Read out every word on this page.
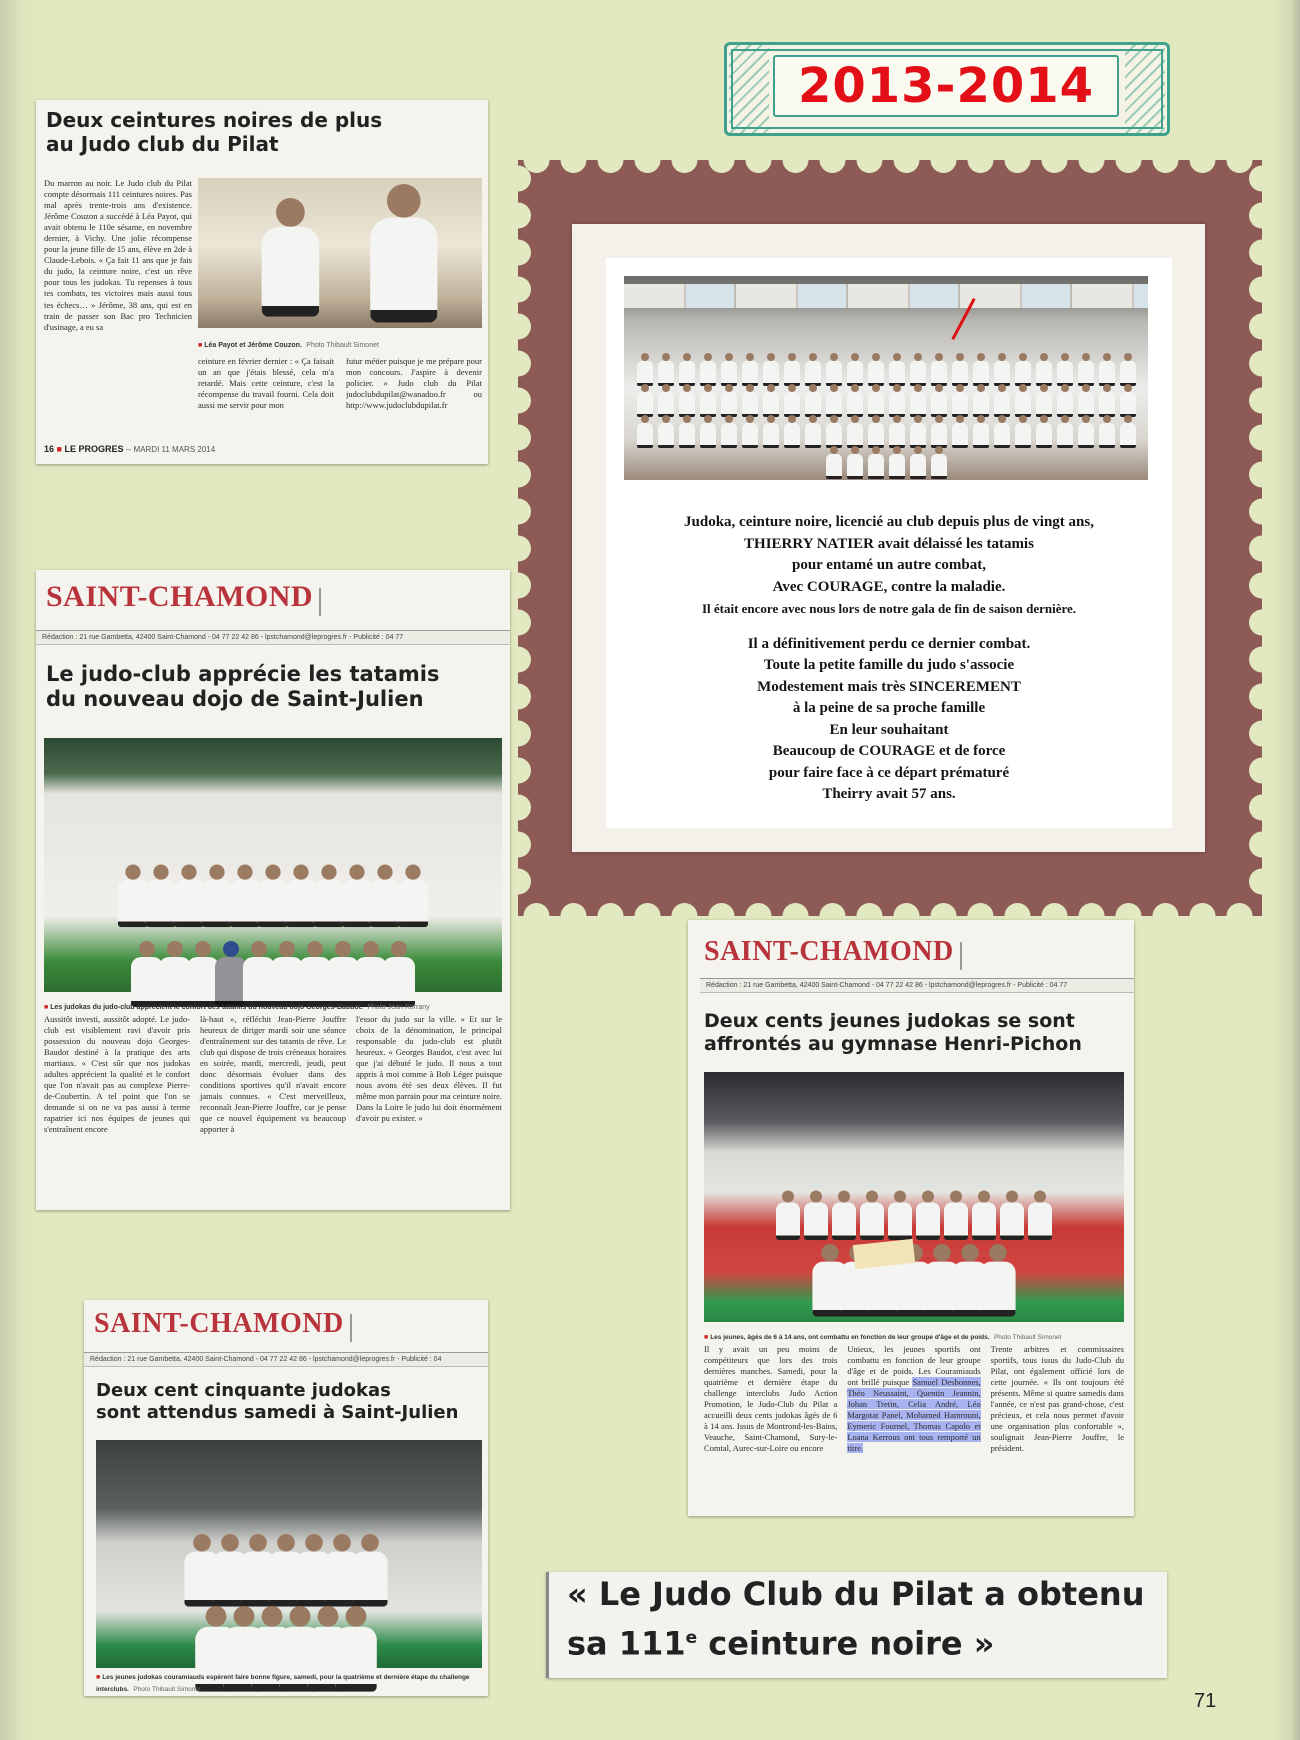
2013-2014
Deux ceintures noires de plus
au Judo club du Pilat
Du marron au noir. Le Judo club du Pilat compte désormais 111 ceintures noires. Pas mal après trente-trois ans d'existence. Jérôme Couzon a succédé à Léa Payot, qui avait obtenu le 110e sésame, en novembre dernier, à Vichy. Une jolie récompense pour la jeune fille de 15 ans, élève en 2de à Claude-Lebois. « Ça fait 11 ans que je fais du judo, la ceinture noire, c'est un rêve pour tous les judokas. Tu repenses à tous tes combats, tes victoires mais aussi tous tes échecs… » Jérôme, 38 ans, qui est en train de passer son Bac pro Technicien d'usinage, a eu sa
■ Léa Payot et Jérôme Couzon. Photo Thibault Simonet
ceinture en février dernier : « Ça faisait un an que j'étais blessé, cela m'a retardé. Mais cette ceinture, c'est la récompense du travail fourni. Cela doit aussi me servir pour mon
futur métier puisque je me prépare pour mon concours. J'aspire à devenir policier. » Judo club du Pilat judoclubdupilat@wanadoo.fr ou http://www.judoclubdupilat.fr
16 ■ LE PROGRES – MARDI 11 MARS 2014
SAINT-CHAMOND
Rédaction : 21 rue Gambetta, 42400 Saint-Chamond - 04 77 22 42 86 - lpstchamond@leprogres.fr - Publicité : 04 77
Le judo-club apprécie les tatamis
du nouveau dojo de Saint-Julien
■ Les judokas du judo-club apprécient le confort des tatamis du nouveau dojo Georges-Baudot. Photo Jean Rorrany
Aussitôt investi, aussitôt adopté. Le judo-club est visiblement ravi d'avoir pris possession du nouveau dojo Georges-Baudot destiné à la pratique des arts martiaux. « C'est sûr que nos judokas adultes apprécient la qualité et le confort que l'on n'avait pas au complexe Pierre-de-Coubertin. A tel point que l'on se demande si on ne va pas aussi à terme rapatrier ici nos équipes de jeunes qui s'entraînent encore
là-haut », réfléchit Jean-Pierre Jouffre heureux de diriger mardi soir une séance d'entraînement sur des tatamis de rêve. Le club qui dispose de trois créneaux horaires en soirée, mardi, mercredi, jeudi, peut donc désormais évoluer dans des conditions sportives qu'il n'avait encore jamais connues. « C'est merveilleux, reconnaît Jean-Pierre Jouffre, car je pense que ce nouvel équipement va beaucoup apporter à
l'essor du judo sur la ville. » Et sur le choix de la dénomination, le principal responsable du judo-club est plutôt heureux. « Georges Baudot, c'est avec lui que j'ai débuté le judo. Il nous a tout appris à moi comme à Bob Léger puisque nous avons été ses deux élèves. Il fut même mon parrain pour ma ceinture noire. Dans la Loire le judo lui doit énormément d'avoir pu exister. »
SAINT-CHAMOND
Rédaction : 21 rue Gambetta, 42400 Saint-Chamond - 04 77 22 42 86 - lpstchamond@leprogres.fr - Publicité : 04
Deux cent cinquante judokas
sont attendus samedi à Saint-Julien
■ Les jeunes judokas couramiauds espèrent faire bonne figure, samedi, pour la quatrième et dernière étape du challenge interclubs. Photo Thibault Simonet
Judoka, ceinture noire, licencié au club depuis plus de vingt ans,
THIERRY NATIER avait délaissé les tatamis
pour entamé un autre combat,
Avec COURAGE, contre la maladie.
Il était encore avec nous lors de notre gala de fin de saison dernière.
Il a définitivement perdu ce dernier combat.
Toute la petite famille du judo s'associe
Modestement mais très SINCEREMENT
à la peine de sa proche famille
En leur souhaitant
Beaucoup de COURAGE et de force
pour faire face à ce départ prématuré
Theirry avait 57 ans.
SAINT-CHAMOND
Rédaction : 21 rue Gambetta, 42400 Saint-Chamond - 04 77 22 42 86 - lpstchamond@leprogres.fr - Publicité : 04 77
Deux cents jeunes judokas se sont
affrontés au gymnase Henri-Pichon
■ Les jeunes, âgés de 6 à 14 ans, ont combattu en fonction de leur groupe d'âge et de poids. Photo Thibault Simonet
Il y avait un peu moins de compétiteurs que lors des trois dernières manches. Samedi, pour la quatrième et dernière étape du challenge interclubs Judo Action Promotion, le Judo-Club du Pilat a accueilli deux cents judokas âgés de 6 à 14 ans. Issus de Montrond-les-Bains, Veauche, Saint-Chamond, Sury-le-Comtal, Aurec-sur-Loire ou encore
Unieux, les jeunes sportifs ont combattu en fonction de leur groupe d'âge et de poids. Les Couramiauds ont brillé puisque Samuel Desbonnes, Théo Neussaint, Quentin Jeannin, Johan Tretin, Celia André, Léo Margotat Panel, Mohamed Hamrouni, Eymeric Fournel, Thomas Capolo et Loana Kerrous ont tous remporté un titre.
Trente arbitres et commissaires sportifs, tous issus du Judo-Club du Pilat, ont également officié lors de cette journée. « Ils ont toujours été présents. Même si quatre samedis dans l'année, ce n'est pas grand-chose, c'est précieux, et cela nous permet d'avoir une organisation plus confortable », soulignait Jean-Pierre Jouffre, le président.
« Le Judo Club du Pilat a obtenu
sa 111e ceinture noire »
71
